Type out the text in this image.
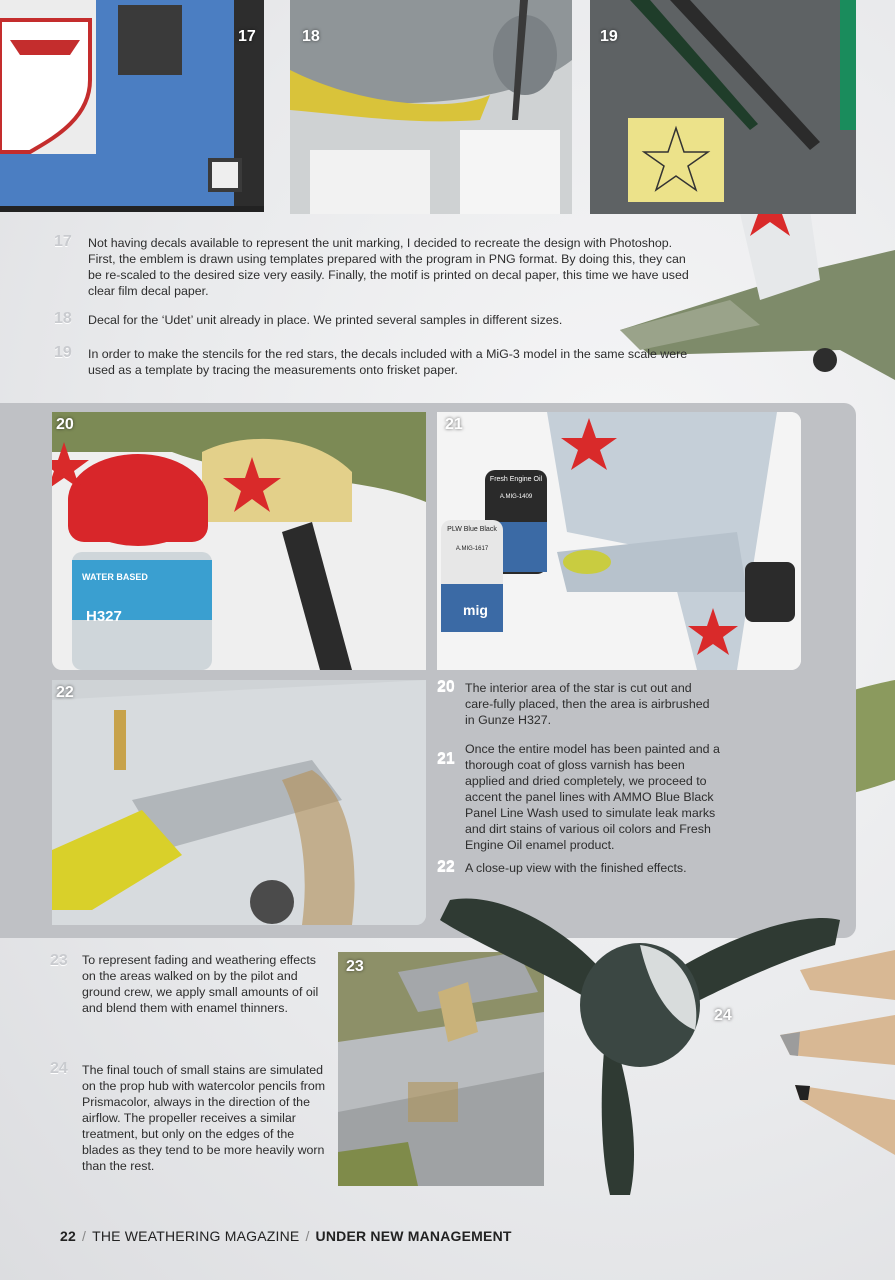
17	18	19
17 Not having decals available to represent the unit marking, I decided to recreate the design with Photoshop. First, the emblem is drawn using templates prepared with the program in PNG format. By doing this, they can be re-scaled to the desired size very easily. Finally, the motif is printed on decal paper, this time we have used clear film decal paper.
18 Decal for the ‘Udet’ unit already in place. We printed several samples in different sizes.
19 In order to make the stencils for the red stars, the decals included with a MiG-3 model in the same scale were used as a template by tracing the measurements onto frisket paper.
20
WATER BASED
H327
21
Fresh Engine Oil
A.MIG-1409
PLW Blue Black
A.MIG-1617
mig
22	20 The interior area of the star is cut out and care-fully placed, then the area is airbrushed in Gunze H327.
21
Once the entire model has been painted and a thorough coat of gloss varnish has been applied and dried completely, we proceed to accent the panel lines with AMMO Blue Black Panel Line Wash used to simulate leak marks and dirt stains of various oil colors and Fresh Engine Oil enamel product.
22 A close-up view with the finished effects.
23 To represent fading and weathering effects on the areas walked on by the pilot and ground crew, we apply small amounts of oil and blend them with enamel thinners.
24 The final touch of small stains are simulated on the prop hub with watercolor pencils from Prismacolor, always in the direction of the airflow. The propeller receives a similar treatment, but only on the edges of the blades as they tend to be more heavily worn than the rest.
23
24
22 / THE WEATHERING MAGAZINE / UNDER NEW MANAGEMENT
